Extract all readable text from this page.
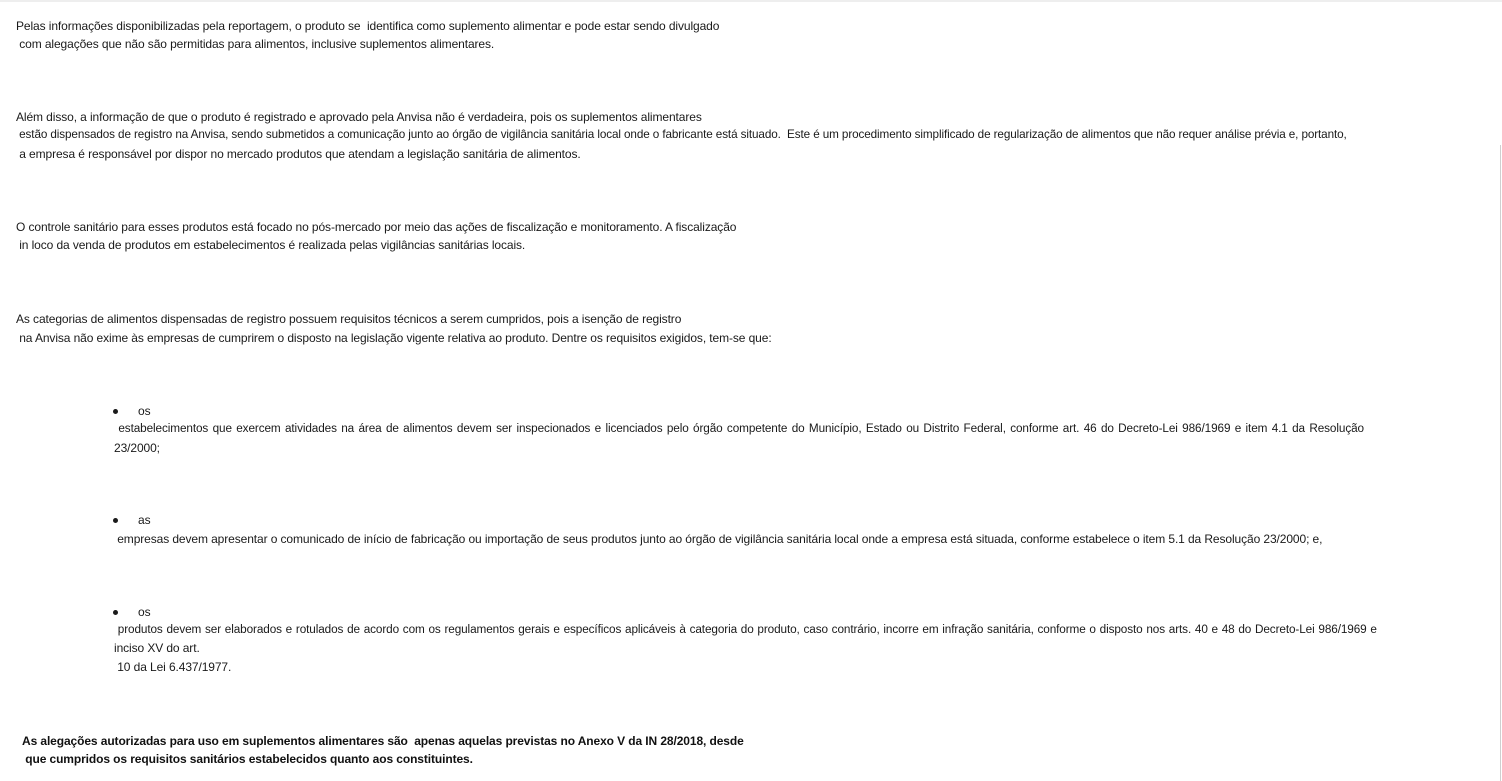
Pelas informações disponibilizadas pela reportagem, o produto se  identifica como suplemento alimentar e pode estar sendo divulgado
com alegações que não são permitidas para alimentos, inclusive suplementos alimentares.
Além disso, a informação de que o produto é registrado e aprovado pela Anvisa não é verdadeira, pois os suplementos alimentares
estão dispensados de registro na Anvisa, sendo submetidos a comunicação junto ao órgão de vigilância sanitária local onde o fabricante está situado.  Este é um procedimento simplificado de regularização de alimentos que não requer análise prévia e, portanto,
a empresa é responsável por dispor no mercado produtos que atendam a legislação sanitária de alimentos.
O controle sanitário para esses produtos está focado no pós-mercado por meio das ações de fiscalização e monitoramento. A fiscalização
in loco da venda de produtos em estabelecimentos é realizada pelas vigilâncias sanitárias locais.
As categorias de alimentos dispensadas de registro possuem requisitos técnicos a serem cumpridos, pois a isenção de registro
na Anvisa não exime às empresas de cumprirem o disposto na legislação vigente relativa ao produto. Dentre os requisitos exigidos, tem-se que:
os
estabelecimentos que exercem atividades na área de alimentos devem ser inspecionados e licenciados pelo órgão competente do Município, Estado ou Distrito Federal, conforme art. 46 do Decreto-Lei 986/1969 e item 4.1 da Resolução
23/2000;
as
empresas devem apresentar o comunicado de início de fabricação ou importação de seus produtos junto ao órgão de vigilância sanitária local onde a empresa está situada, conforme estabelece o item 5.1 da Resolução 23/2000; e,
os
produtos devem ser elaborados e rotulados de acordo com os regulamentos gerais e específicos aplicáveis à categoria do produto, caso contrário, incorre em infração sanitária, conforme o disposto nos arts. 40 e 48 do Decreto-Lei 986/1969 e
inciso XV do art.
10 da Lei 6.437/1977.
As alegações autorizadas para uso em suplementos alimentares são  apenas aquelas previstas no Anexo V da IN 28/2018, desde
que cumpridos os requisitos sanitários estabelecidos quanto aos constituintes.
